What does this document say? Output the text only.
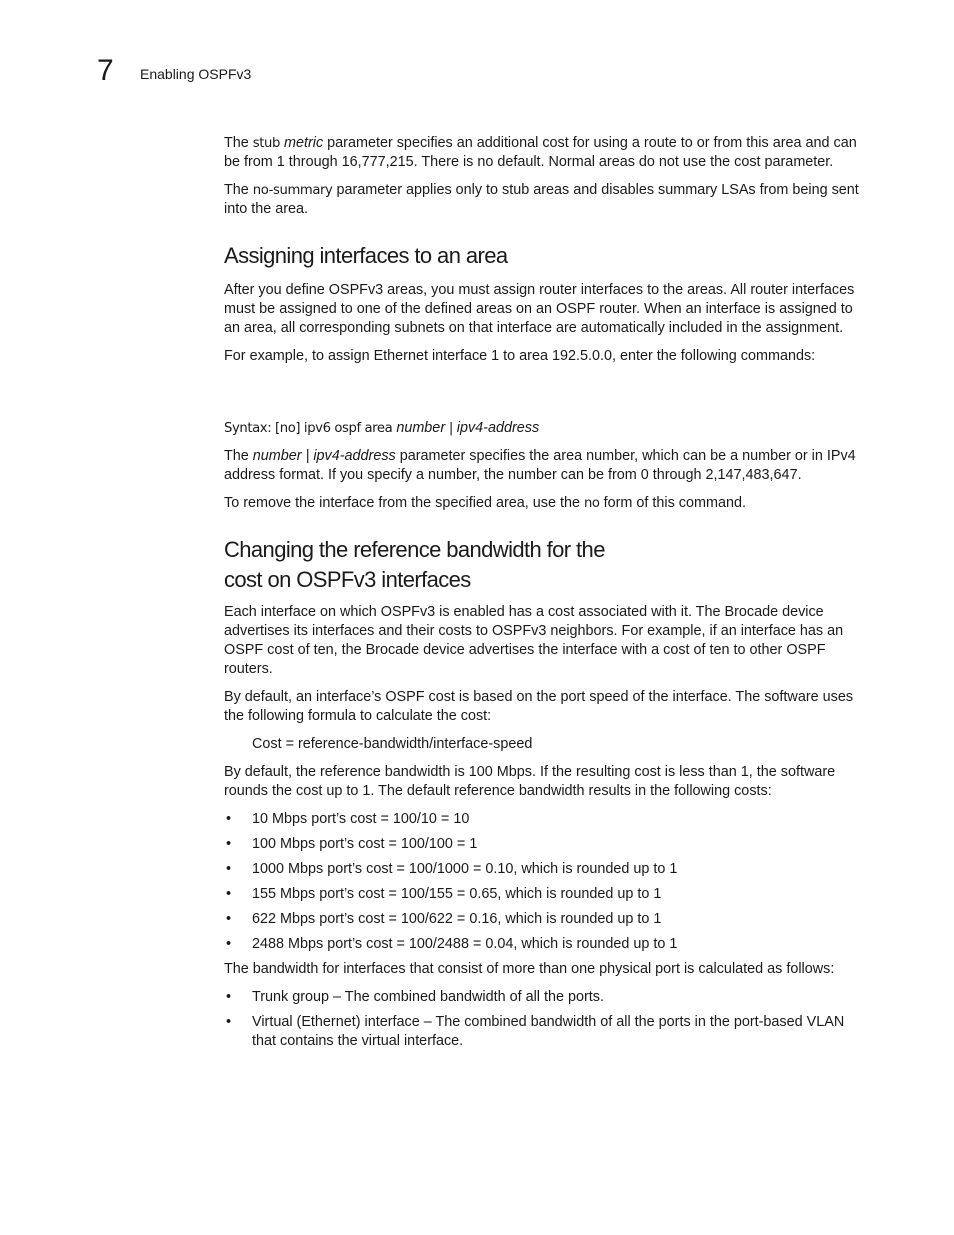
7 Enabling OSPFv3

The stub metric parameter specifies an additional cost for using a route to or from this area and can be from 1 through 16,777,215. There is no default. Normal areas do not use the cost parameter.

The no-summary parameter applies only to stub areas and disables summary LSAs from being sent into the area.

Assigning interfaces to an area

After you define OSPFv3 areas, you must assign router interfaces to the areas. All router interfaces must be assigned to one of the defined areas on an OSPF router. When an interface is assigned to an area, all corresponding subnets on that interface are automatically included in the assignment.

For example, to assign Ethernet interface 1 to area 192.5.0.0, enter the following commands:

Syntax: [no] ipv6 ospf area number | ipv4-address

The number | ipv4-address parameter specifies the area number, which can be a number or in IPv4 address format. If you specify a number, the number can be from 0 through 2,147,483,647.

To remove the interface from the specified area, use the no form of this command.

Changing the reference bandwidth for the
cost on OSPFv3 interfaces

Each interface on which OSPFv3 is enabled has a cost associated with it. The Brocade device advertises its interfaces and their costs to OSPFv3 neighbors. For example, if an interface has an OSPF cost of ten, the Brocade device advertises the interface with a cost of ten to other OSPF routers.

By default, an interface’s OSPF cost is based on the port speed of the interface. The software uses the following formula to calculate the cost:

Cost = reference-bandwidth/interface-speed

By default, the reference bandwidth is 100 Mbps. If the resulting cost is less than 1, the software rounds the cost up to 1. The default reference bandwidth results in the following costs:

• 10 Mbps port’s cost = 100/10 = 10
• 100 Mbps port’s cost = 100/100 = 1
• 1000 Mbps port’s cost = 100/1000 = 0.10, which is rounded up to 1
• 155 Mbps port’s cost = 100/155 = 0.65, which is rounded up to 1
• 622 Mbps port’s cost = 100/622 = 0.16, which is rounded up to 1
• 2488 Mbps port’s cost = 100/2488 = 0.04, which is rounded up to 1

The bandwidth for interfaces that consist of more than one physical port is calculated as follows:

• Trunk group – The combined bandwidth of all the ports.
• Virtual (Ethernet) interface – The combined bandwidth of all the ports in the port-based VLAN that contains the virtual interface.
